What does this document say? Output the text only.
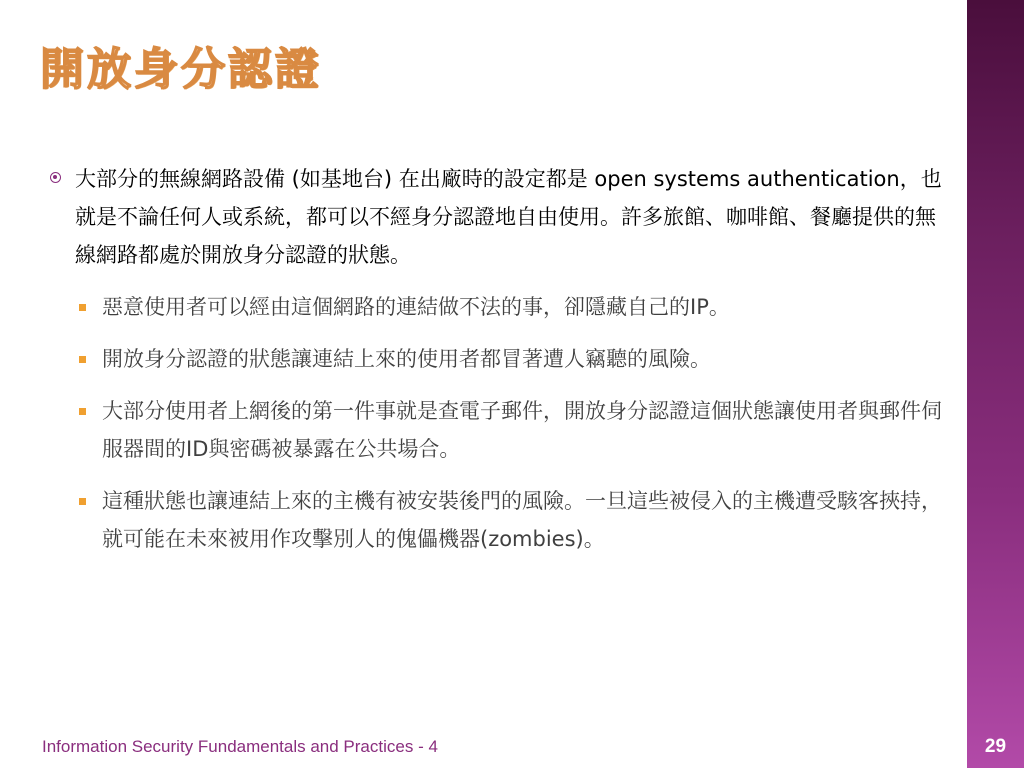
開放身分認證

大部分的無線網路設備 (如基地台) 在出廠時的設定都是 open systems authentication，也就是不論任何人或系統，都可以不經身分認證地自由使用。許多旅館、咖啡館、餐廳提供的無線網路都處於開放身分認證的狀態。

惡意使用者可以經由這個網路的連結做不法的事，卻隱藏自己的IP。

開放身分認證的狀態讓連結上來的使用者都冒著遭人竊聽的風險。

大部分使用者上網後的第一件事就是查電子郵件，開放身分認證這個狀態讓使用者與郵件伺服器間的ID與密碼被暴露在公共場合。

這種狀態也讓連結上來的主機有被安裝後門的風險。一旦這些被侵入的主機遭受駭客挾持，就可能在未來被用作攻擊別人的傀儡機器(zombies)。

Information Security Fundamentals and Practices - 4	29
